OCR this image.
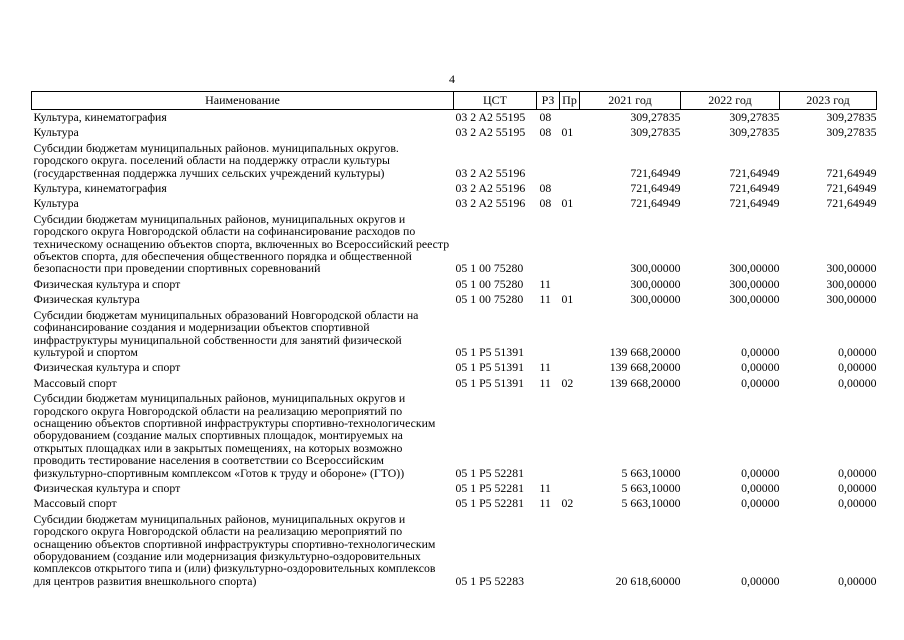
4
Наименование	ЦСТ	РЗ	Пр	2021 год	2022 год	2023 год
Культура, кинематография	03 2 A2 55195	08		309,27835	309,27835	309,27835
Культура	03 2 A2 55195	08	01	309,27835	309,27835	309,27835
Субсидии бюджетам муниципальных районов. муниципальных округов. городского округа. поселений области на поддержку отрасли культуры (государственная поддержка лучших сельских учреждений культуры)	03 2 A2 55196			721,64949	721,64949	721,64949
Культура, кинематография	03 2 A2 55196	08		721,64949	721,64949	721,64949
Культура	03 2 A2 55196	08	01	721,64949	721,64949	721,64949
Субсидии бюджетам муниципальных районов, муниципальных округов и городского округа Новгородской области на софинансирование расходов по техническому оснащению объектов спорта, включенных во Всероссийский реестр объектов спорта, для обеспечения общественного порядка и общественной безопасности при проведении спортивных соревнований	05 1 00 75280			300,00000	300,00000	300,00000
Физическая культура и спорт	05 1 00 75280	11		300,00000	300,00000	300,00000
Физическая культура	05 1 00 75280	11	01	300,00000	300,00000	300,00000
Субсидии бюджетам муниципальных образований Новгородской области на софинансирование создания и модернизации объектов спортивной инфраструктуры муниципальной собственности для занятий физической культурой и спортом	05 1 P5 51391			139 668,20000	0,00000	0,00000
Физическая культура и спорт	05 1 P5 51391	11		139 668,20000	0,00000	0,00000
Массовый спорт	05 1 P5 51391	11	02	139 668,20000	0,00000	0,00000
Субсидии бюджетам муниципальных районов, муниципальных округов и городского округа Новгородской области на реализацию мероприятий по оснащению объектов спортивной инфраструктуры спортивно-технологическим оборудованием (создание малых спортивных площадок, монтируемых на открытых площадках или в закрытых помещениях, на которых возможно проводить тестирование населения в соответствии со Всероссийским физкультурно-спортивным комплексом «Готов к труду и обороне» (ГТО))	05 1 P5 52281			5 663,10000	0,00000	0,00000
Физическая культура и спорт	05 1 P5 52281	11		5 663,10000	0,00000	0,00000
Массовый спорт	05 1 P5 52281	11	02	5 663,10000	0,00000	0,00000
Субсидии бюджетам муниципальных районов, муниципальных округов и городского округа Новгородской области на реализацию мероприятий по оснащению объектов спортивной инфраструктуры спортивно-технологическим оборудованием (создание или модернизация физкультурно-оздоровительных комплексов открытого типа и (или) физкультурно-оздоровительных комплексов для центров развития внешкольного спорта)	05 1 P5 52283			20 618,60000	0,00000	0,00000
